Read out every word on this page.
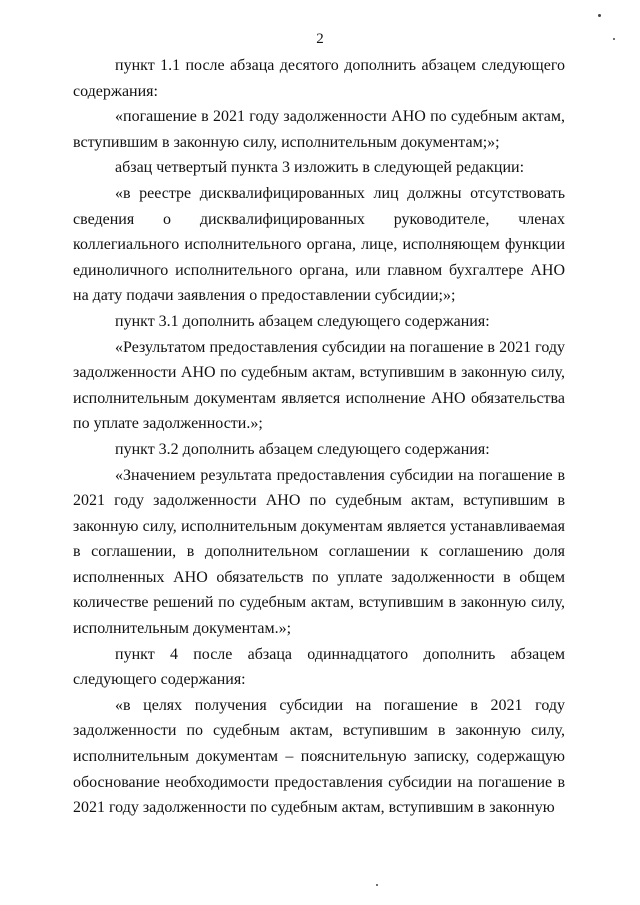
2

пункт 1.1 после абзаца десятого дополнить абзацем следующего содержания:

«погашение в 2021 году задолженности АНО по судебным актам, вступившим в законную силу, исполнительным документам;»;

абзац четвертый пункта 3 изложить в следующей редакции:

«в реестре дисквалифицированных лиц должны отсутствовать сведения о дисквалифицированных руководителе, членах коллегиального исполнительного органа, лице, исполняющем функции единоличного исполнительного органа, или главном бухгалтере АНО на дату подачи заявления о предоставлении субсидии;»;

пункт 3.1 дополнить абзацем следующего содержания:

«Результатом предоставления субсидии на погашение в 2021 году задолженности АНО по судебным актам, вступившим в законную силу, исполнительным документам является исполнение АНО обязательства по уплате задолженности.»;

пункт 3.2 дополнить абзацем следующего содержания:

«Значением результата предоставления субсидии на погашение в 2021 году задолженности АНО по судебным актам, вступившим в законную силу, исполнительным документам является устанавливаемая в соглашении, в дополнительном соглашении к соглашению доля исполненных АНО обязательств по уплате задолженности в общем количестве решений по судебным актам, вступившим в законную силу, исполнительным документам.»;

пункт 4 после абзаца одиннадцатого дополнить абзацем следующего содержания:

«в целях получения субсидии на погашение в 2021 году задолженности по судебным актам, вступившим в законную силу, исполнительным документам – пояснительную записку, содержащую обоснование необходимости предоставления субсидии на погашение в 2021 году задолженности по судебным актам, вступившим в законную
